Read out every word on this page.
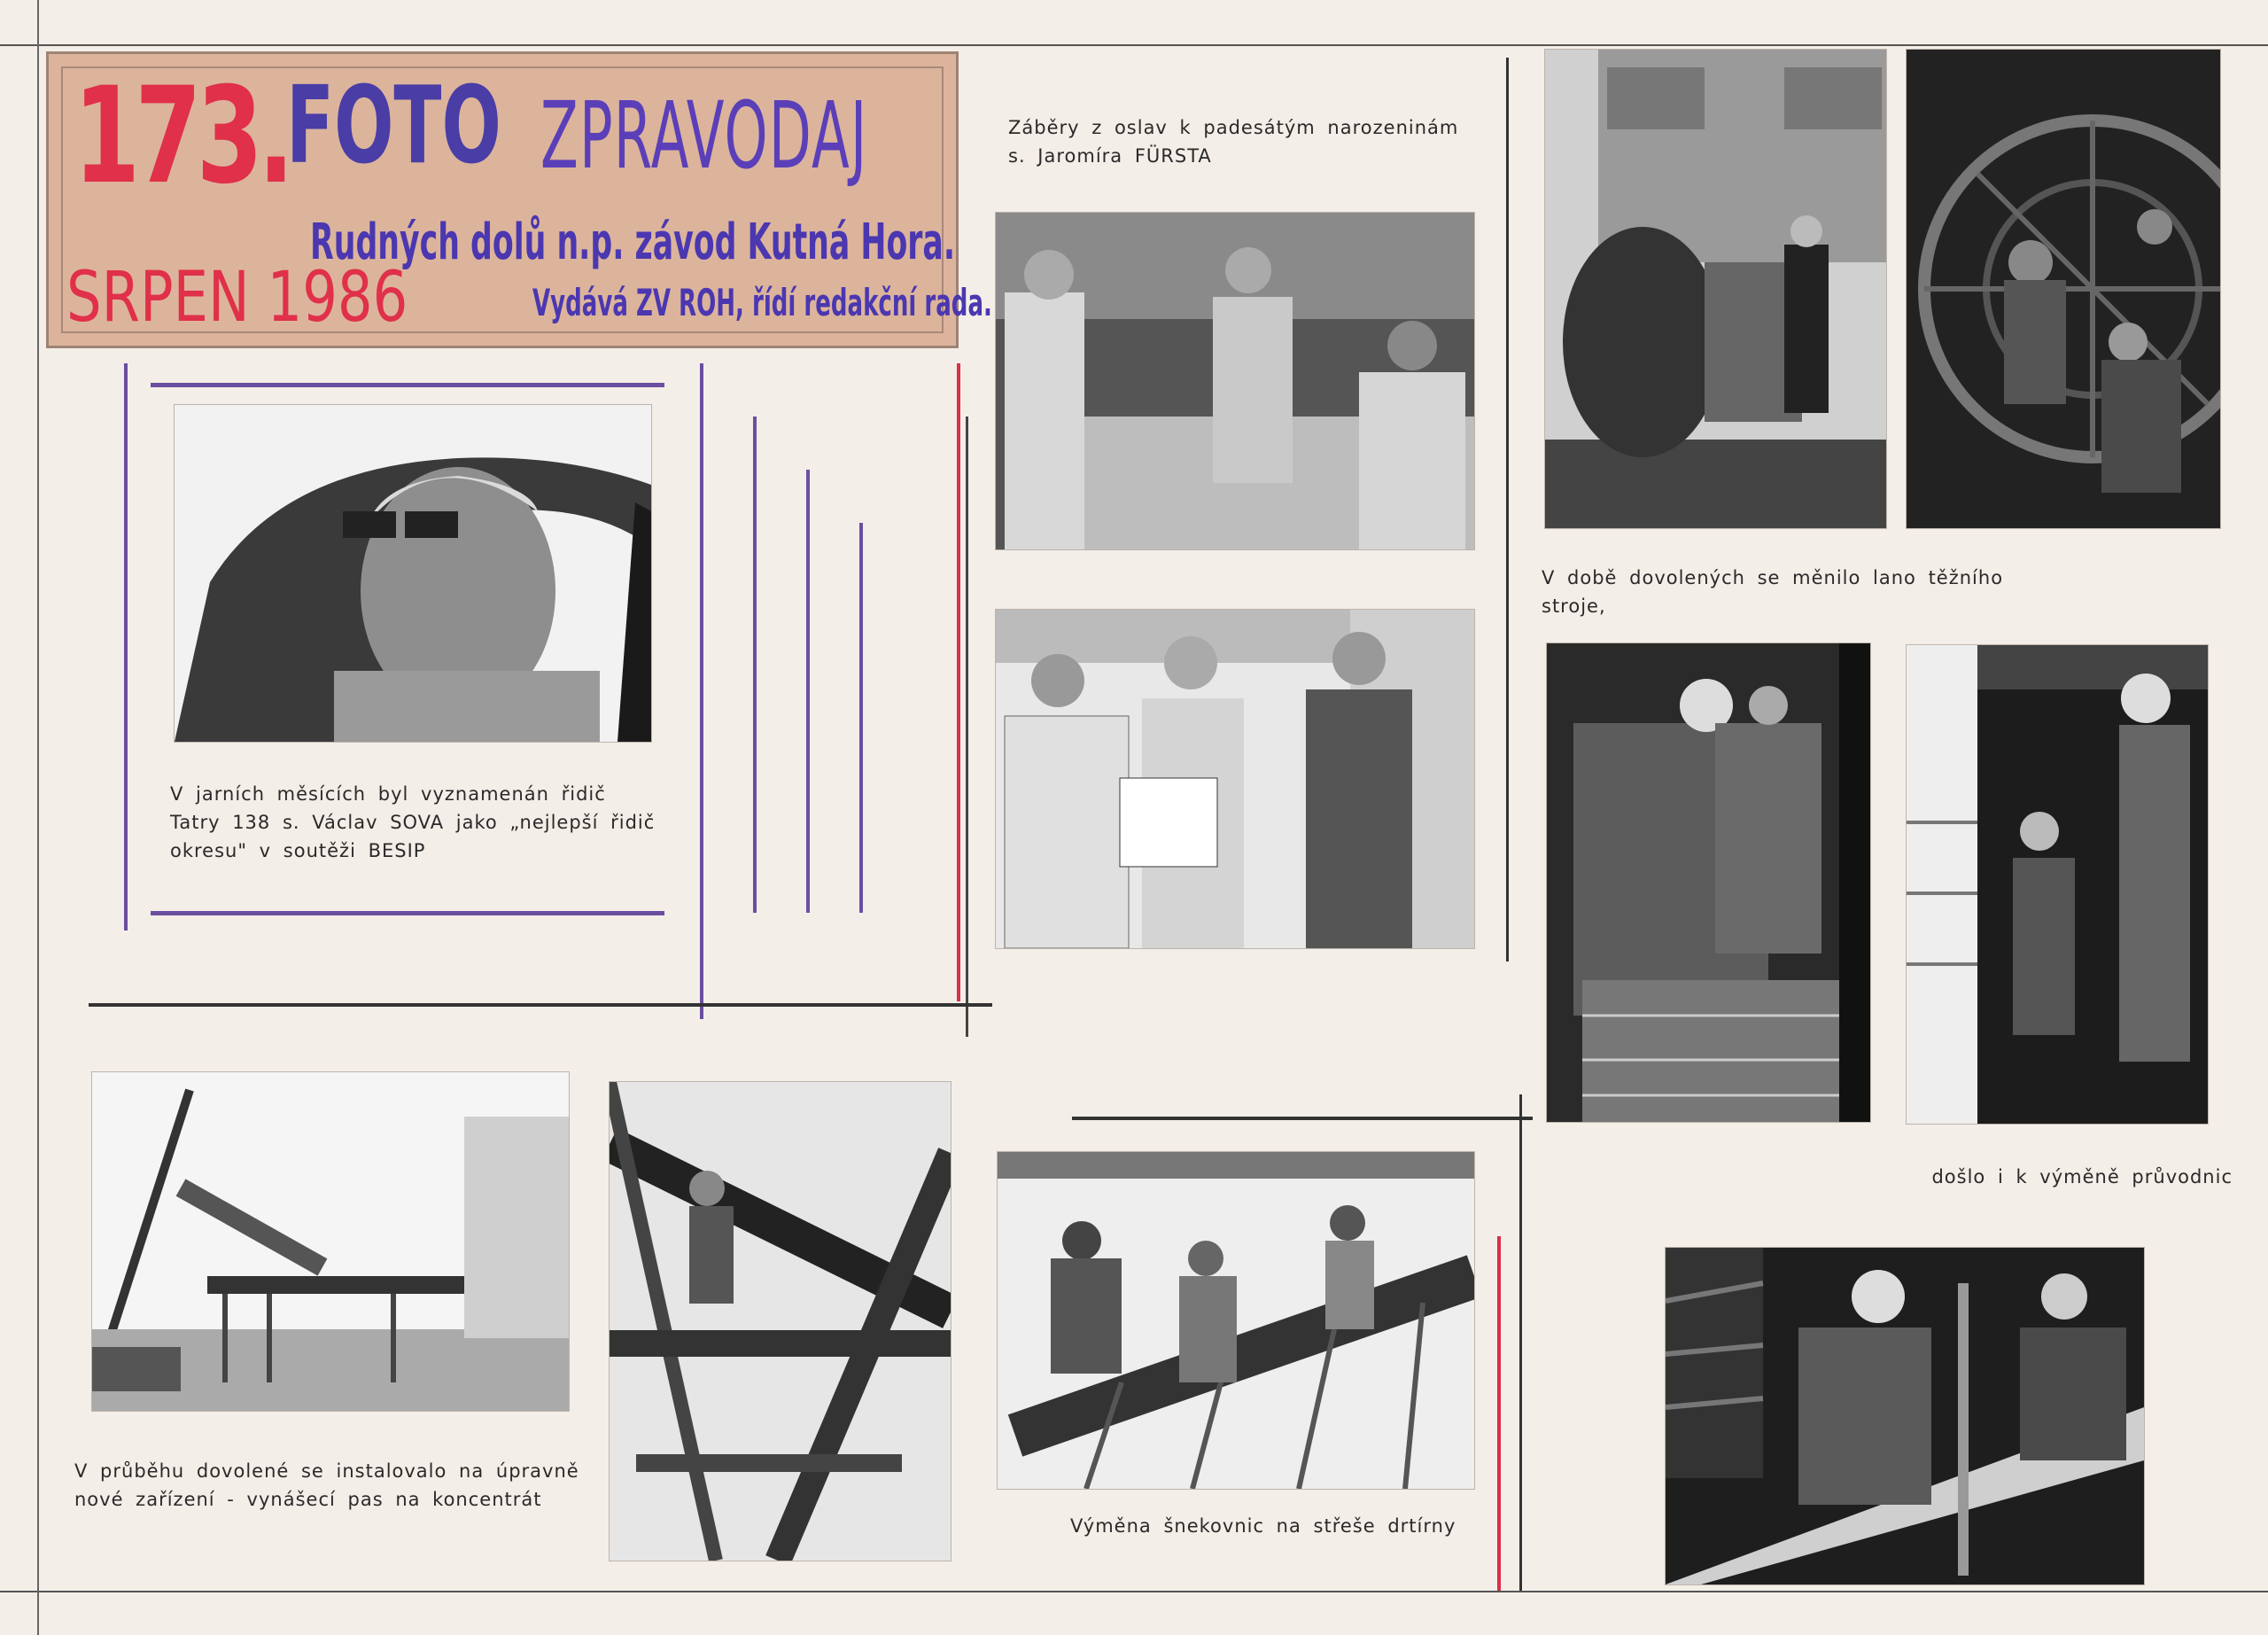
173.
FOTO ZPRAVODAJ
Rudných dolů n.p. závod Kutná Hora.
SRPEN 1986	Vydává ZV ROH, řídí redakční rada.
V jarních měsících byl vyznamenán řidič Tatry 138 s. Václav SOVA jako „nejlepší řidič okresu" v soutěži BESIP
Záběry z oslav k padesátým narozeninám s. Jaromíra FÜRSTA
V době dovolených se měnilo lano těžního stroje,
došlo i k výměně průvodnic
V průběhu dovolené se instalovalo na úpravně nové zařízení - vynášecí pas na koncentrát
Výměna šnekovnic na střeše drtírny
